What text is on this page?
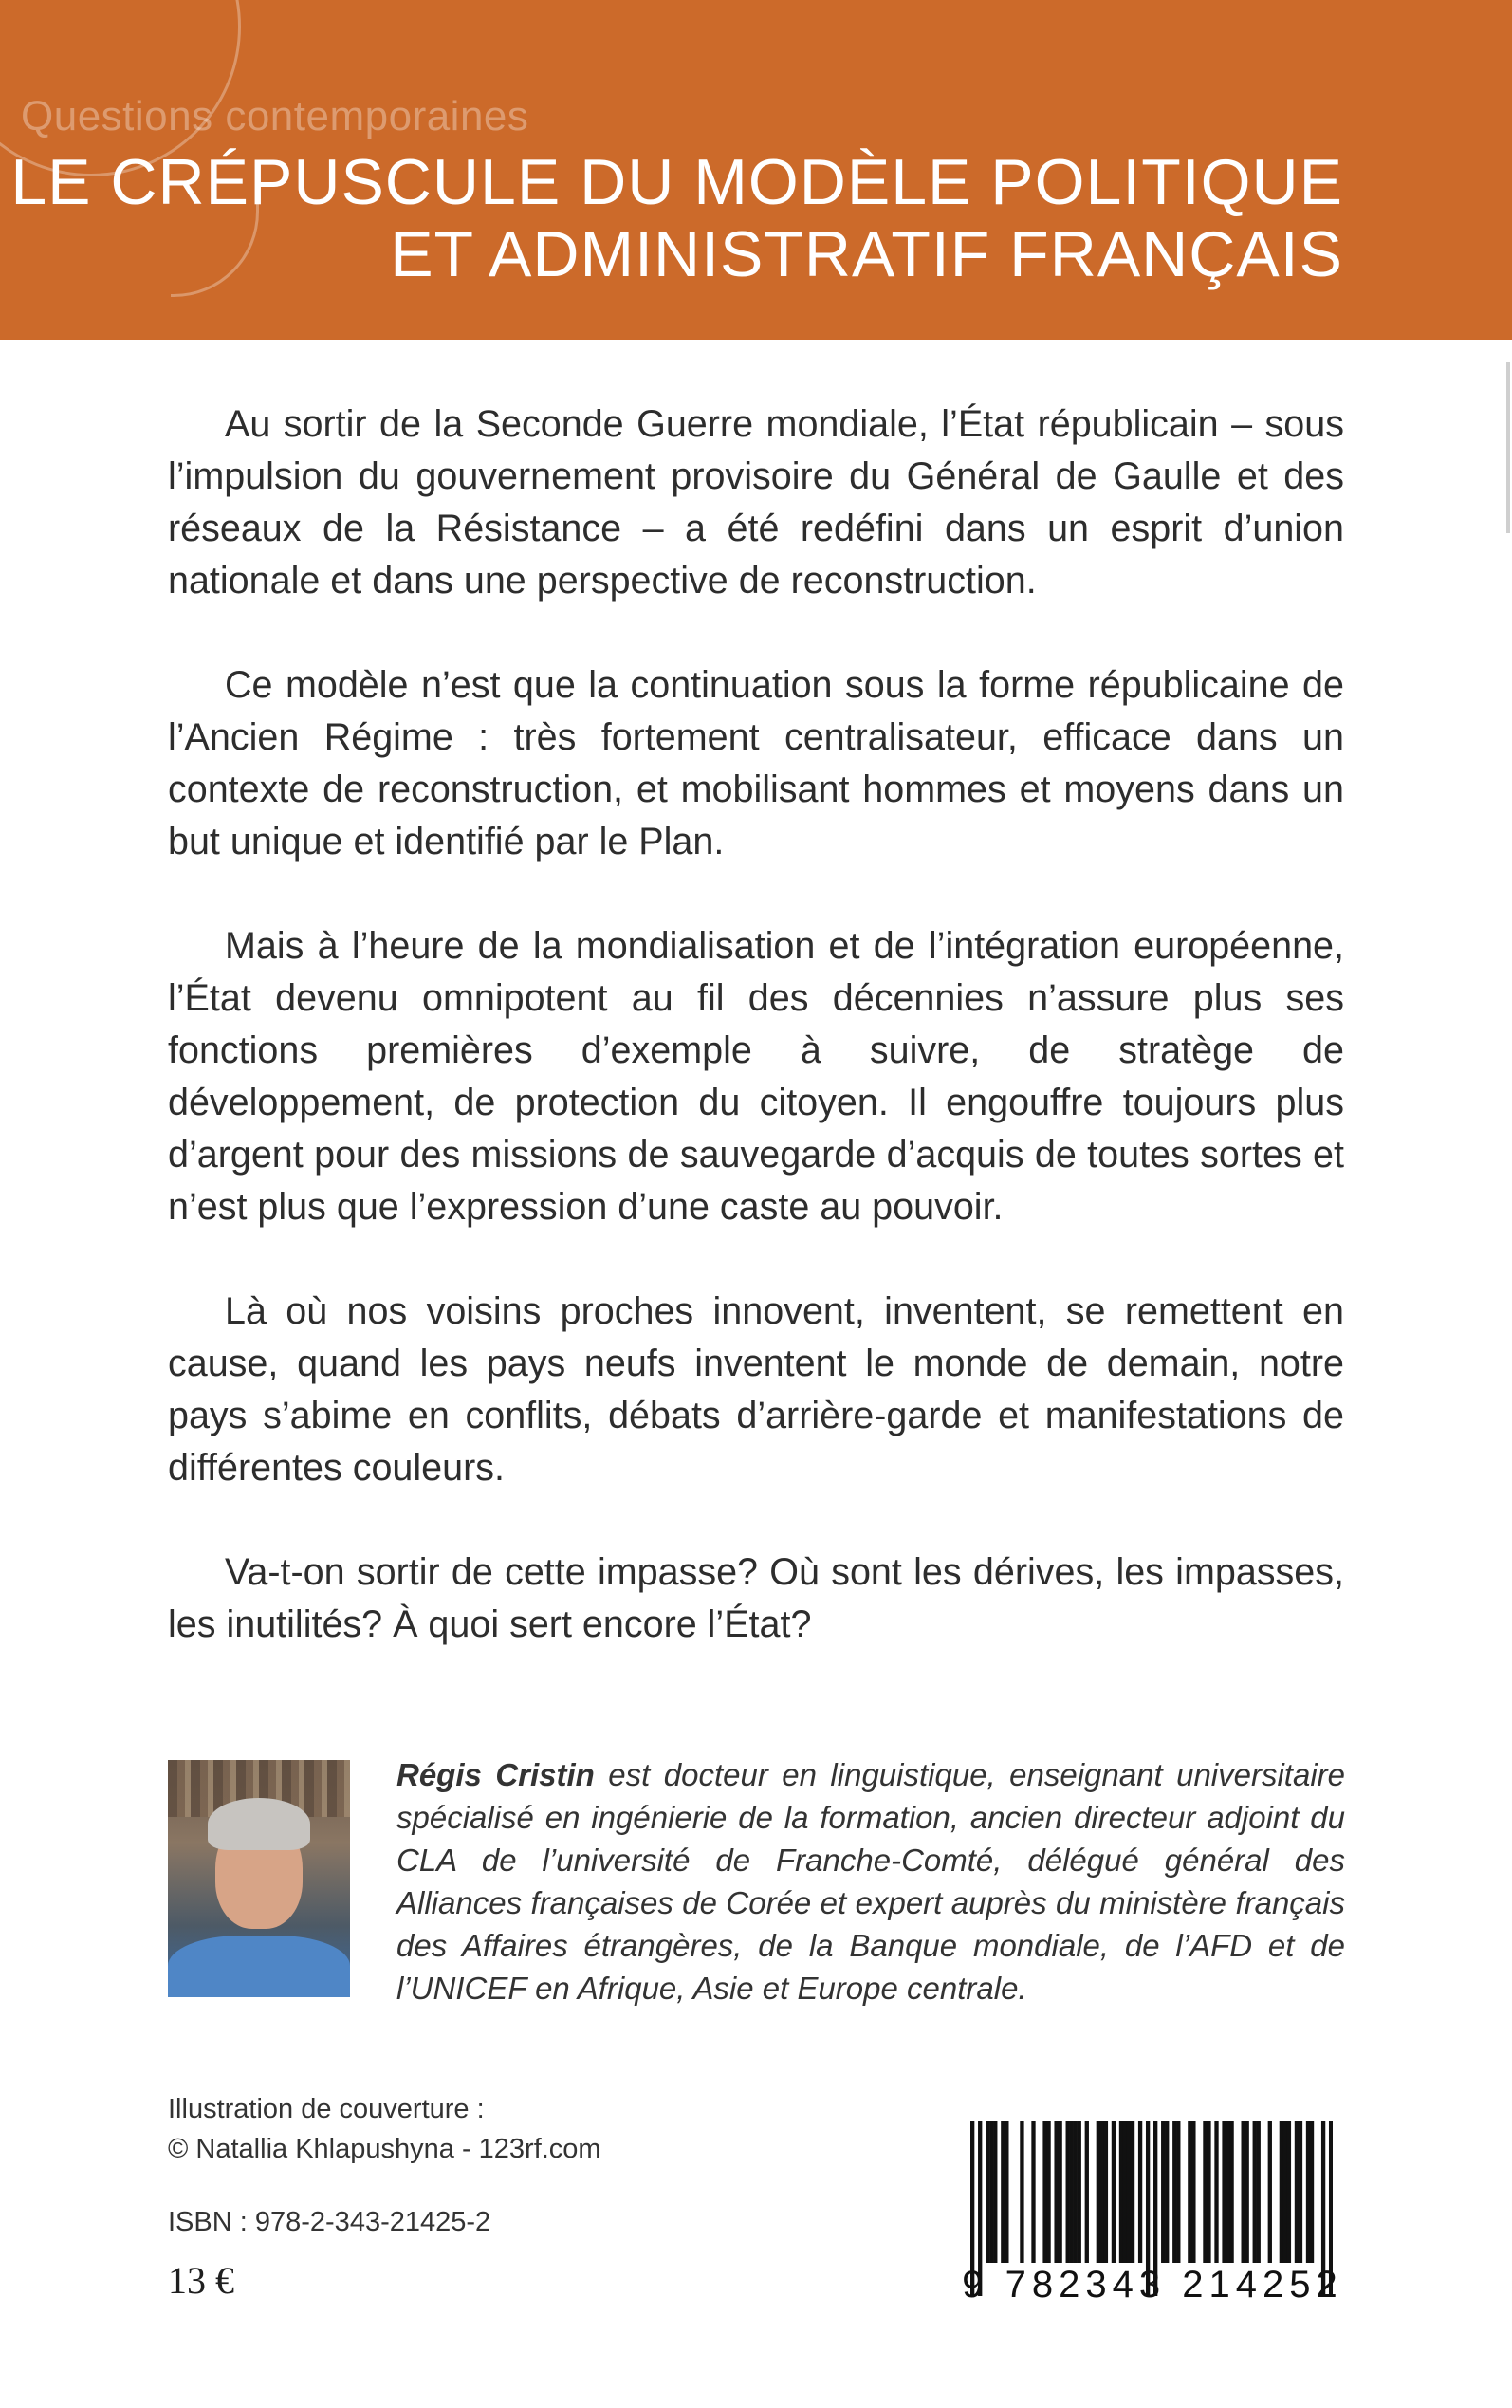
Questions contemporaines
LE CRÉPUSCULE DU MODÈLE POLITIQUE
ET ADMINISTRATIF FRANÇAIS

Au sortir de la Seconde Guerre mondiale, l’État républicain – sous l’impulsion du gouvernement provisoire du Général de Gaulle et des réseaux de la Résistance – a été redéfini dans un esprit d’union nationale et dans une perspective de reconstruction.

Ce modèle n’est que la continuation sous la forme républicaine de l’Ancien Régime : très fortement centralisateur, efficace dans un contexte de reconstruction, et mobilisant hommes et moyens dans un but unique et identifié par le Plan.

Mais à l’heure de la mondialisation et de l’intégration européenne, l’État devenu omnipotent au fil des décennies n’assure plus ses fonctions premières d’exemple à suivre, de stratège de développement, de protection du citoyen. Il engouffre toujours plus d’argent pour des missions de sauvegarde d’acquis de toutes sortes et n’est plus que l’expression d’une caste au pouvoir.

Là où nos voisins proches innovent, inventent, se remettent en cause, quand les pays neufs inventent le monde de demain, notre pays s’abime en conflits, débats d’arrière-garde et manifestations de différentes couleurs.

Va-t-on sortir de cette impasse? Où sont les dérives, les impasses, les inutilités? À quoi sert encore l’État?

Régis Cristin est docteur en linguistique, enseignant universitaire spécialisé en ingénierie de la formation, ancien directeur adjoint du CLA de l’université de Franche-Comté, délégué général des Alliances françaises de Corée et expert auprès du ministère français des Affaires étrangères, de la Banque mondiale, de l’AFD et de l’UNICEF en Afrique, Asie et Europe centrale.
Illustration de couverture :
© Natallia Khlapushyna - 123rf.com
ISBN : 978-2-343-21425-2
13 €	9 782343 214252
